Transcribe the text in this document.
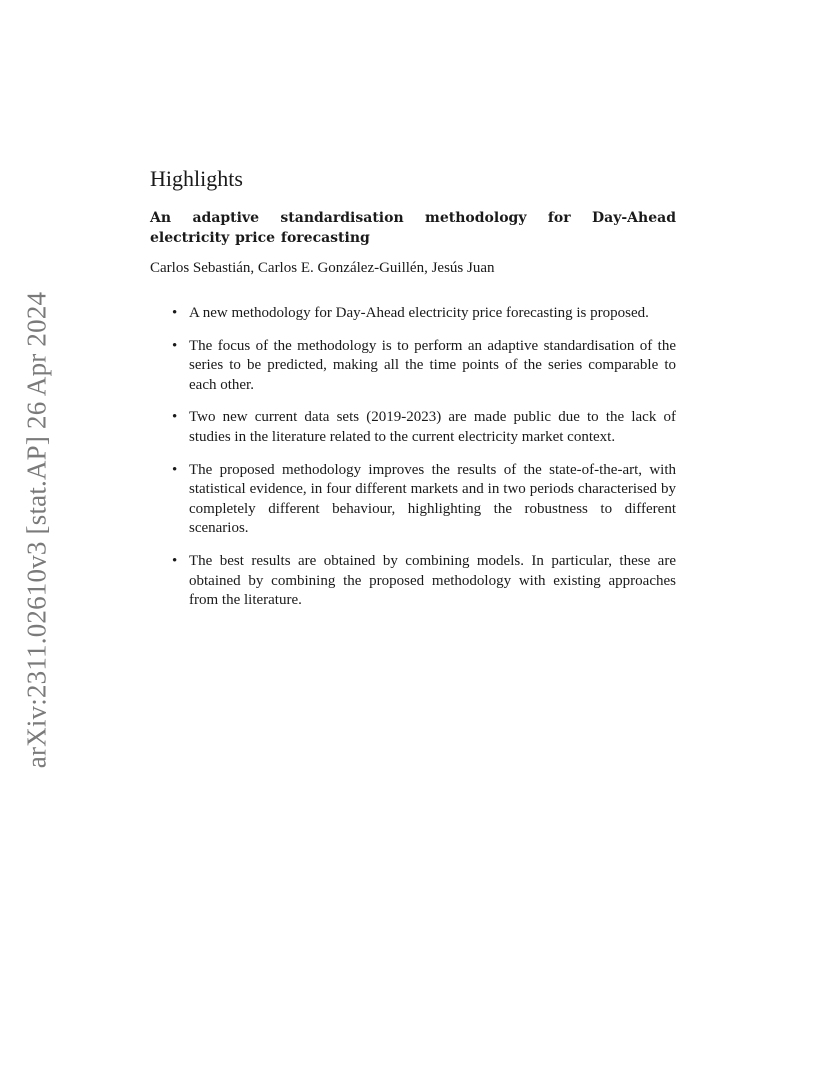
arXiv:2311.02610v3 [stat.AP] 26 Apr 2024
Highlights
An adaptive standardisation methodology for Day-Ahead electricity price forecasting
Carlos Sebastián, Carlos E. González-Guillén, Jesús Juan
• A new methodology for Day-Ahead electricity price forecasting is proposed.
• The focus of the methodology is to perform an adaptive standardisation of the series to be predicted, making all the time points of the series comparable to each other.
• Two new current data sets (2019-2023) are made public due to the lack of studies in the literature related to the current electricity market context.
• The proposed methodology improves the results of the state-of-the-art, with statistical evidence, in four different markets and in two periods characterised by completely different behaviour, highlighting the robustness to different scenarios.
• The best results are obtained by combining models. In particular, these are obtained by combining the proposed methodology with existing approaches from the literature.
